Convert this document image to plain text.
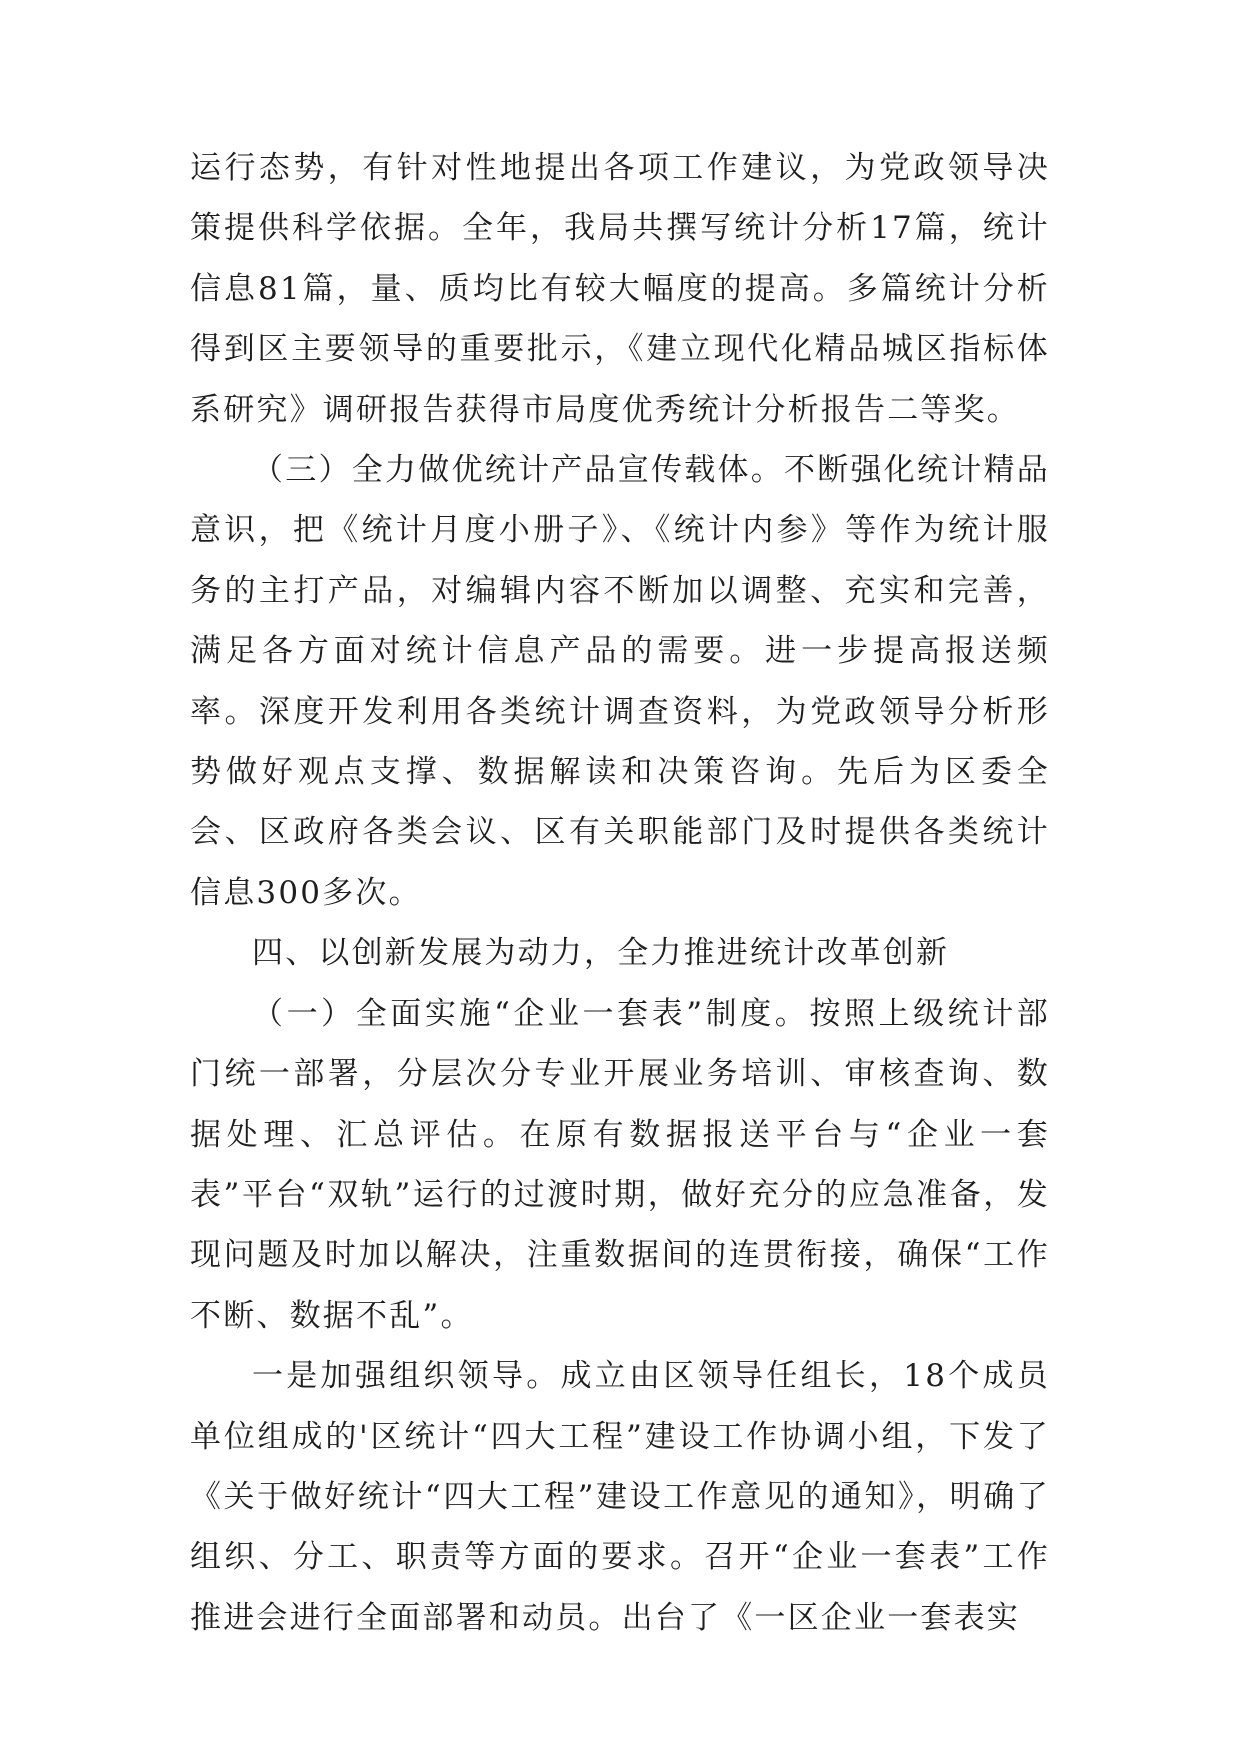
运行态势，有针对性地提出各项工作建议，为党政领导决策提供科学依据。全年，我局共撰写统计分析17篇，统计信息81篇，量、质均比有较大幅度的提高。多篇统计分析得到区主要领导的重要批示，《建立现代化精品城区指标体系研究》调研报告获得市局度优秀统计分析报告二等奖。

（三）全力做优统计产品宣传载体。不断强化统计精品意识，把《统计月度小册子》、《统计内参》等作为统计服务的主打产品，对编辑内容不断加以调整、充实和完善，满足各方面对统计信息产品的需要。进一步提高报送频率。深度开发利用各类统计调查资料，为党政领导分析形势做好观点支撑、数据解读和决策咨询。先后为区委全会、区政府各类会议、区有关职能部门及时提供各类统计信息300多次。

四、以创新发展为动力，全力推进统计改革创新

（一）全面实施“企业一套表”制度。按照上级统计部门统一部署，分层次分专业开展业务培训、审核查询、数据处理、汇总评估。在原有数据报送平台与“企业一套表”平台“双轨”运行的过渡时期，做好充分的应急准备，发现问题及时加以解决，注重数据间的连贯衔接，确保“工作不断、数据不乱”。

一是加强组织领导。成立由区领导任组长，18个成员单位组成的'区统计“四大工程”建设工作协调小组，下发了《关于做好统计“四大工程”建设工作意见的通知》，明确了组织、分工、职责等方面的要求。召开“企业一套表”工作推进会进行全面部署和动员。出台了《一区企业一套表实
